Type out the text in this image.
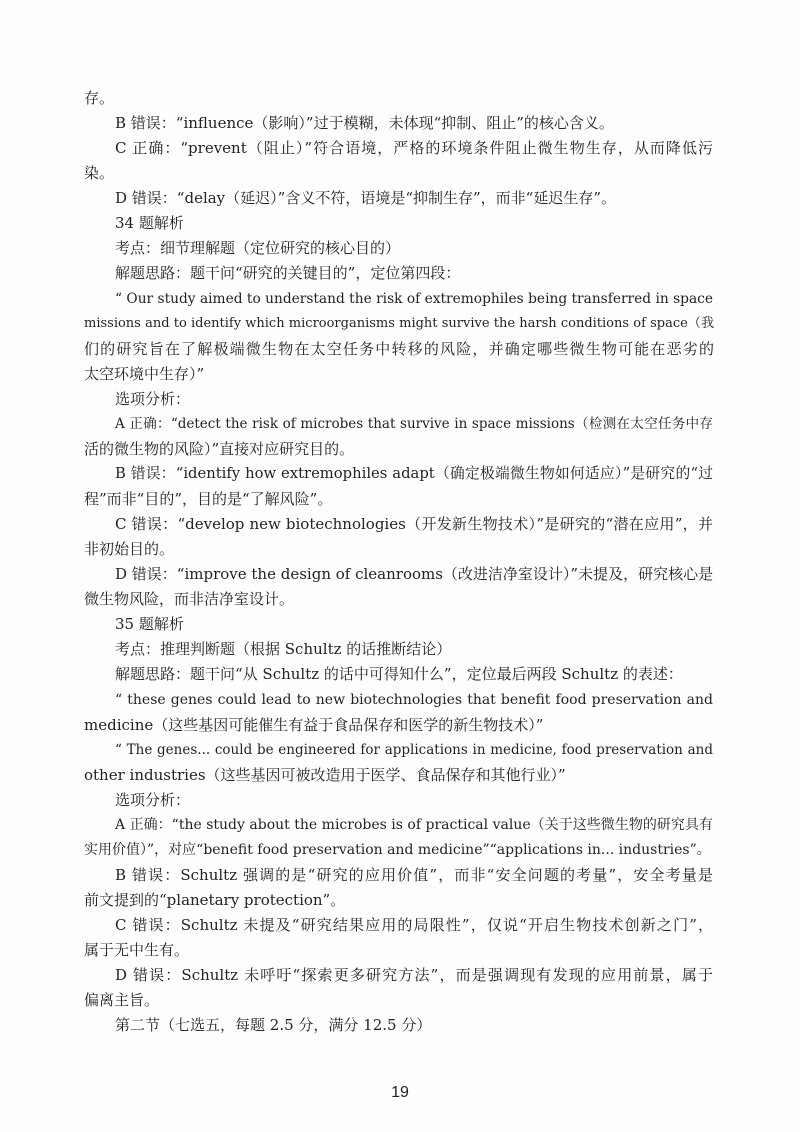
存。
B 错误：“influence（影响）”过于模糊，未体现“抑制、阻止”的核心含义。
C 正确：“prevent（阻止）”符合语境，严格的环境条件阻止微生物生存，从而降低污
染。
D 错误：“delay（延迟）”含义不符，语境是“抑制生存”，而非“延迟生存”。
34 题解析
考点：细节理解题（定位研究的核心目的）
解题思路：题干问“研究的关键目的”，定位第四段：
“ Our study aimed to understand the risk of extremophiles being transferred in space
missions and to identify which microorganisms might survive the harsh conditions of space（我
们的研究旨在了解极端微生物在太空任务中转移的风险，并确定哪些微生物可能在恶劣的
太空环境中生存）”
选项分析：
A 正确：“detect the risk of microbes that survive in space missions（检测在太空任务中存
活的微生物的风险）”直接对应研究目的。
B 错误：“identify how extremophiles adapt（确定极端微生物如何适应）”是研究的“过
程”而非“目的”，目的是“了解风险”。
C 错误：“develop new biotechnologies（开发新生物技术）”是研究的“潜在应用”，并
非初始目的。
D 错误：“improve the design of cleanrooms（改进洁净室设计）”未提及，研究核心是
微生物风险，而非洁净室设计。
35 题解析
考点：推理判断题（根据 Schultz 的话推断结论）
解题思路：题干问“从 Schultz 的话中可得知什么”，定位最后两段 Schultz 的表述：
“ these genes could lead to new biotechnologies that benefit food preservation and
medicine（这些基因可能催生有益于食品保存和医学的新生物技术）”
“ The genes... could be engineered for applications in medicine, food preservation and
other industries（这些基因可被改造用于医学、食品保存和其他行业）”
选项分析：
A 正确：“the study about the microbes is of practical value（关于这些微生物的研究具有
实用价值）”，对应“benefit food preservation and medicine”“applications in... industries”。
B 错误：Schultz 强调的是“研究的应用价值”，而非“安全问题的考量”，安全考量是
前文提到的“planetary protection”。
C 错误：Schultz 未提及“研究结果应用的局限性”，仅说“开启生物技术创新之门”，
属于无中生有。
D 错误：Schultz 未呼吁“探索更多研究方法”，而是强调现有发现的应用前景，属于
偏离主旨。
第二节（七选五，每题 2.5 分，满分 12.5 分）
19
